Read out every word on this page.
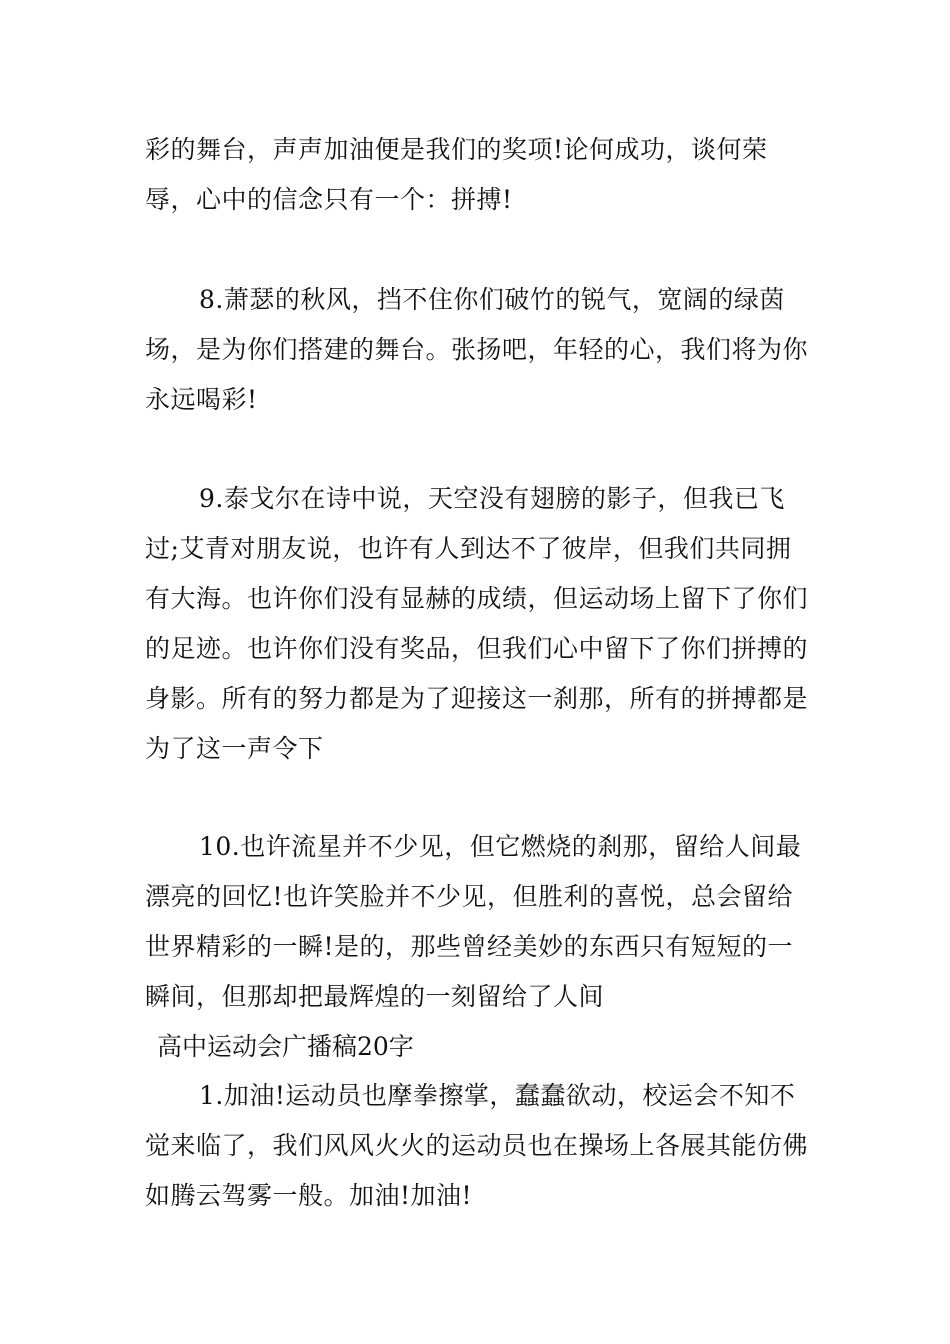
彩的舞台，声声加油便是我们的奖项!论何成功，谈何荣辱，心中的信念只有一个：拼搏!

8.萧瑟的秋风，挡不住你们破竹的锐气，宽阔的绿茵场，是为你们搭建的舞台。张扬吧，年轻的心，我们将为你永远喝彩!

9.泰戈尔在诗中说，天空没有翅膀的影子，但我已飞过;艾青对朋友说，也许有人到达不了彼岸，但我们共同拥有大海。也许你们没有显赫的成绩，但运动场上留下了你们的足迹。也许你们没有奖品，但我们心中留下了你们拼搏的身影。所有的努力都是为了迎接这一刹那，所有的拼搏都是为了这一声令下

10.也许流星并不少见，但它燃烧的刹那，留给人间最漂亮的回忆!也许笑脸并不少见，但胜利的喜悦，总会留给世界精彩的一瞬!是的，那些曾经美妙的东西只有短短的一瞬间，但那却把最辉煌的一刻留给了人间

高中运动会广播稿20字

1.加油!运动员也摩拳擦掌，蠢蠢欲动，校运会不知不觉来临了，我们风风火火的运动员也在操场上各展其能仿佛如腾云驾雾一般。加油!加油!
